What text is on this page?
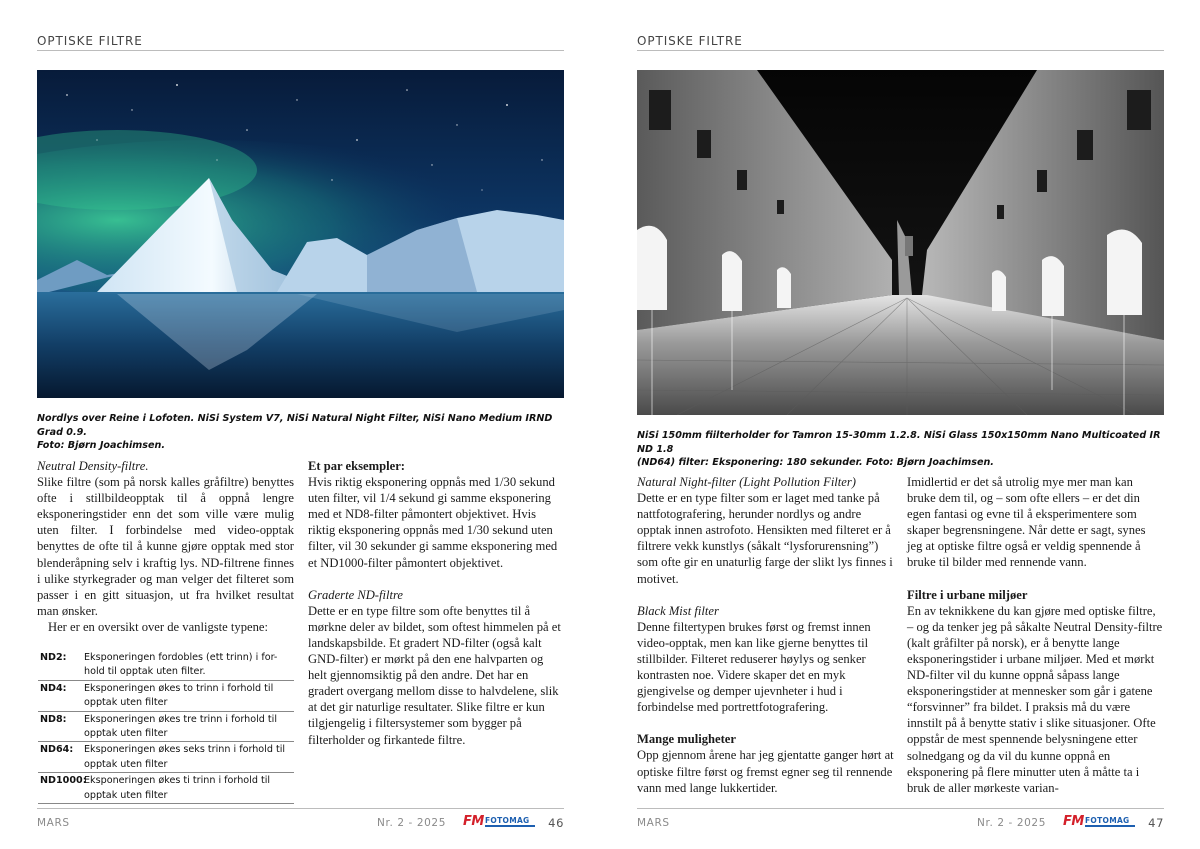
OPTISKE FILTRE
Nordlys over Reine i Lofoten. NiSi System V7, NiSi Natural Night Filter, NiSi Nano Medium IRND Grad 0.9.
Foto: Bjørn Joachimsen.

Neutral Density-filtre.

Slike filtre (som på norsk kalles gråfiltre) benyttes ofte i stillbildeopptak til å oppnå lengre eksponeringstider enn det som ville være mulig uten filter. I forbindelse med video-opptak benyttes de ofte til å kunne gjøre opptak med stor blenderåpning selv i kraftig lys. ND-filtrene finnes i ulike styrkegrader og man velger det filteret som passer i en gitt situasjon, ut fra hvilket resultat man ønsker.

Her er en oversikt over de vanligste typene:

ND2:	Eksponeringen fordobles (ett trinn) i for-
hold til opptak uten filter.
ND4:	Eksponeringen økes to trinn i forhold til
opptak uten filter
ND8:	Eksponeringen økes tre trinn i forhold til
opptak uten filter
ND64:	Eksponeringen økes seks trinn i forhold til
opptak uten filter
ND1000:
Eksponeringen økes ti trinn i forhold til
opptak uten filter

Et par eksempler:

Hvis riktig eksponering oppnås med 1/30 sekund uten filter, vil 1/4 sekund gi samme eksponering med et ND8-filter påmontert objektivet. Hvis riktig eksponering oppnås med 1/30 sekund uten filter, vil 30 sekunder gi samme eksponering med et ND1000-filter påmontert objektivet.

Graderte ND-filtre

Dette er en type filtre som ofte benyttes til å mørkne deler av bildet, som oftest himmelen på et landskapsbilde. Et gradert ND-filter (også kalt GND-filter) er mørkt på den ene halvparten og helt gjennomsiktig på den andre. Det har en gradert overgang mellom disse to halvdelene, slik at det gir naturlige resultater. Slike filtre er kun tilgjengelig i filtersystemer som bygger på filterholder og firkantede filtre.

MARS	Nr. 2 - 2025 FM FOTOMAG 46
OPTISKE FILTRE
NiSi 150mm fiilterholder for Tamron 15-30mm 1.2.8. NiSi Glass 150x150mm Nano Multicoated IR ND 1.8
(ND64) filter: Eksponering: 180 sekunder. Foto: Bjørn Joachimsen.

Natural Night-filter (Light Pollution Filter)

Dette er en type filter som er laget med tanke på nattfotografering, herunder nordlys og andre opptak innen astrofoto. Hensikten med filteret er å filtrere vekk kunstlys (såkalt “lysforurensning”) som ofte gir en unaturlig farge der slikt lys finnes i motivet.

Black Mist filter

Denne filtertypen brukes først og fremst innen video-opptak, men kan like gjerne benyttes til stillbilder. Filteret reduserer høylys og senker kontrasten noe. Videre skaper det en myk gjengivelse og demper ujevnheter i hud i forbindelse med portrettfotografering.

Mange muligheter

Opp gjennom årene har jeg gjentatte ganger hørt at optiske filtre først og fremst egner seg til rennende vann med lange lukkertider.

Imidlertid er det så utrolig mye mer man kan bruke dem til, og – som ofte ellers – er det din egen fantasi og evne til å eksperimentere som skaper begrensningene. Når dette er sagt, synes jeg at optiske filtre også er veldig spennende å bruke til bilder med rennende vann.

Filtre i urbane miljøer

En av teknikkene du kan gjøre med optiske filtre, – og da tenker jeg på såkalte Neutral Density-filtre (kalt gråfilter på norsk), er å benytte lange eksponeringstider i urbane miljøer. Med et mørkt ND-filter vil du kunne oppnå såpass lange eksponeringstider at mennesker som går i gatene “forsvinner” fra bildet. I praksis må du være innstilt på å benytte stativ i slike situasjoner. Ofte oppstår de mest spennende belysningene etter solnedgang og da vil du kunne oppnå en eksponering på flere minutter uten å måtte ta i bruk de aller mørkeste varian-

MARS	Nr. 2 - 2025 FM FOTOMAG 47
